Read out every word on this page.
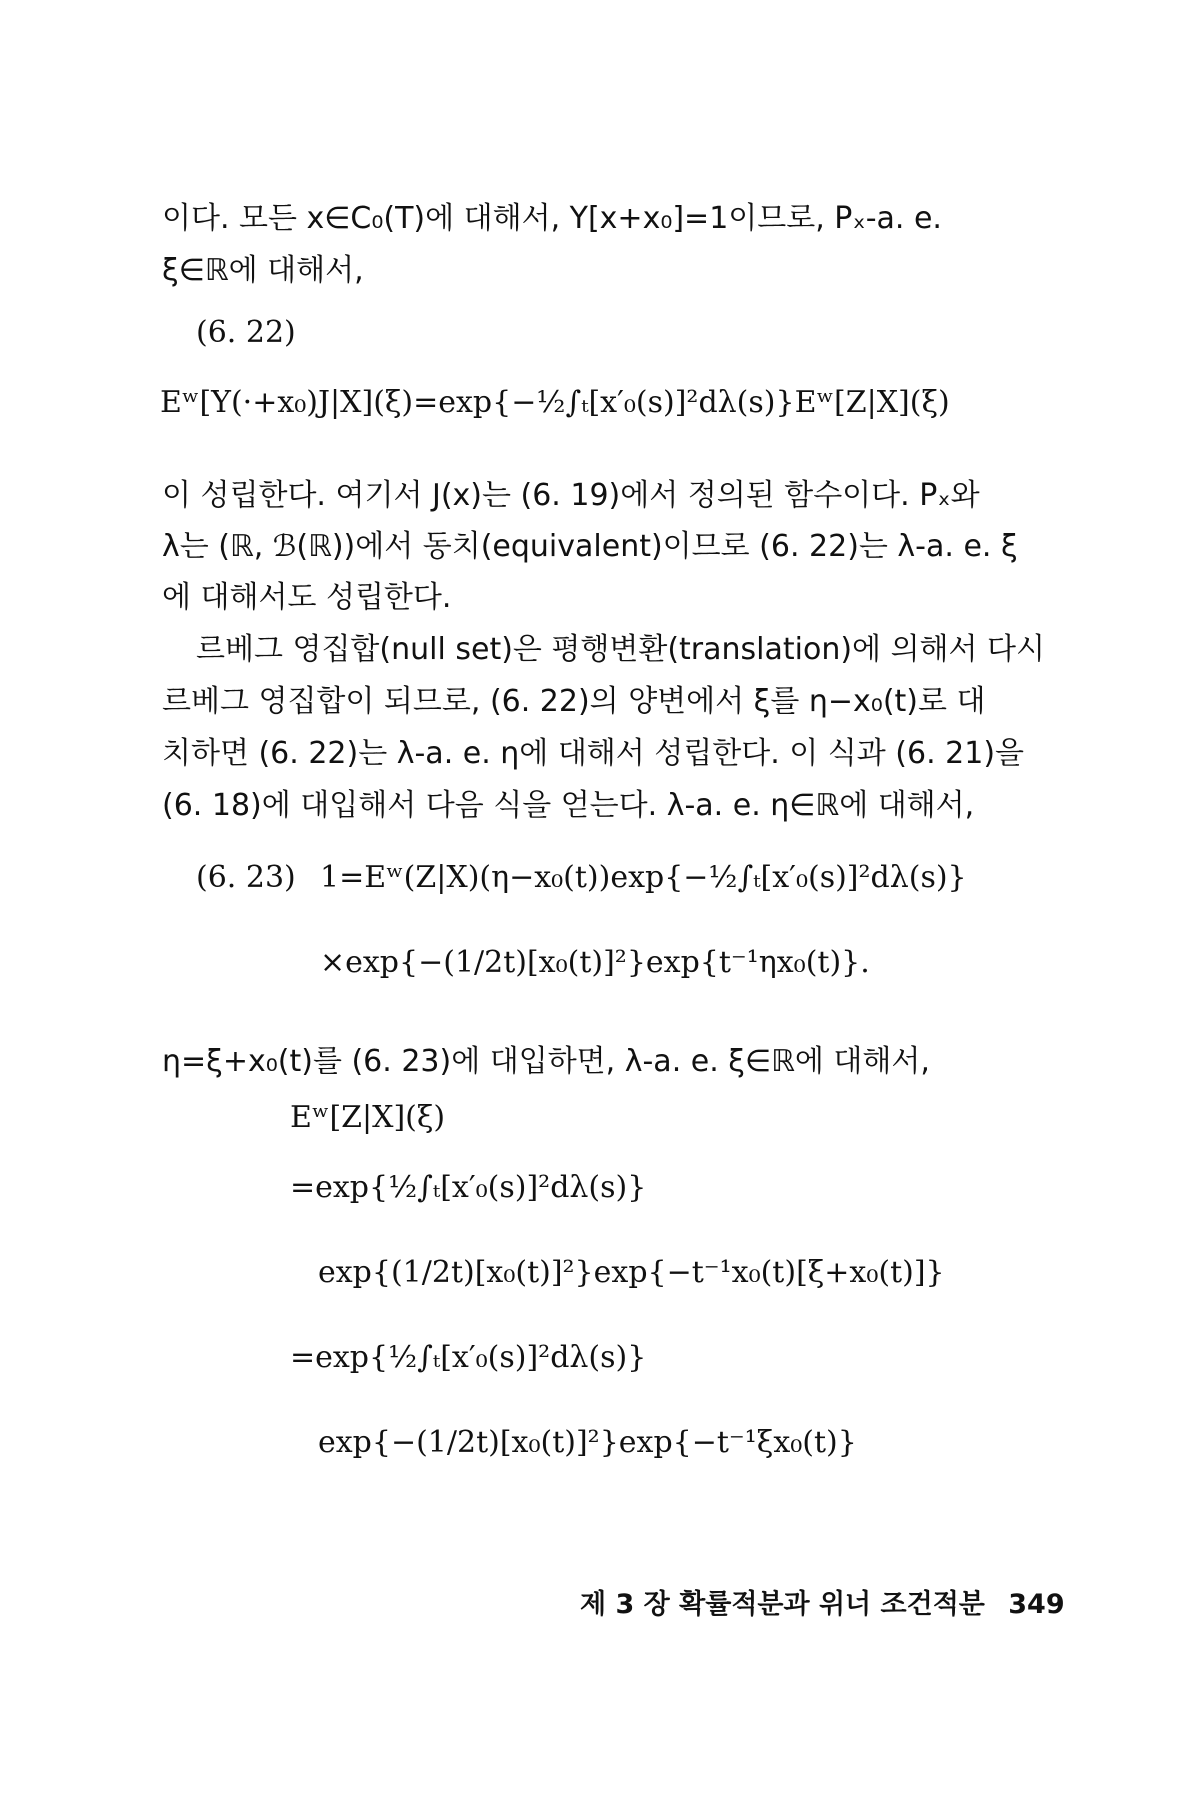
이다. 모든 x∈C₀(T)에 대해서, Y[x+x₀]=1이므로, Pₓ-a. e.
ξ∈ℝ에 대해서,
(6. 22)
Eʷ[Y(·+x₀)J|X](ξ)=exp{−½∫ₜ[x′₀(s)]²dλ(s)}Eʷ[Z|X](ξ)
이 성립한다. 여기서 J(x)는 (6. 19)에서 정의된 함수이다. Pₓ와
λ는 (ℝ, ℬ(ℝ))에서 동치(equivalent)이므로 (6. 22)는 λ-a. e. ξ
에 대해서도 성립한다.
르베그 영집합(null set)은 평행변환(translation)에 의해서 다시
르베그 영집합이 되므로, (6. 22)의 양변에서 ξ를 η−x₀(t)로 대
치하면 (6. 22)는 λ-a. e. η에 대해서 성립한다. 이 식과 (6. 21)을
(6. 18)에 대입해서 다음 식을 얻는다. λ-a. e. η∈ℝ에 대해서,
(6. 23) 1=Eʷ(Z|X)(η−x₀(t))exp{−½∫ₜ[x′₀(s)]²dλ(s)}
×exp{−(1/2t)[x₀(t)]²}exp{t⁻¹ηx₀(t)}.
η=ξ+x₀(t)를 (6. 23)에 대입하면, λ-a. e. ξ∈ℝ에 대해서,
Eʷ[Z|X](ξ)
=exp{½∫ₜ[x′₀(s)]²dλ(s)}
exp{(1/2t)[x₀(t)]²}exp{−t⁻¹x₀(t)[ξ+x₀(t)]}
=exp{½∫ₜ[x′₀(s)]²dλ(s)}
exp{−(1/2t)[x₀(t)]²}exp{−t⁻¹ξx₀(t)}
제 3 장 확률적분과 위너 조건적분 349
